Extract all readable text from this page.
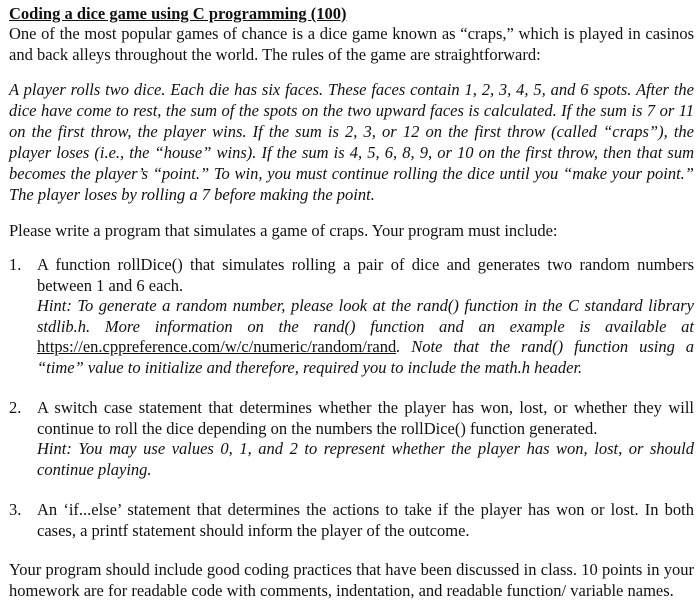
Coding a dice game using C programming (100)

One of the most popular games of chance is a dice game known as “craps,” which is played in casinos and back alleys throughout the world. The rules of the game are straightforward:

A player rolls two dice. Each die has six faces. These faces contain 1, 2, 3, 4, 5, and 6 spots. After the dice have come to rest, the sum of the spots on the two upward faces is calculated. If the sum is 7 or 11 on the first throw, the player wins. If the sum is 2, 3, or 12 on the first throw (called “craps”), the player loses (i.e., the “house” wins). If the sum is 4, 5, 6, 8, 9, or 10 on the first throw, then that sum becomes the player’s “point.” To win, you must continue rolling the dice until you “make your point.” The player loses by rolling a 7 before making the point.

Please write a program that simulates a game of craps. Your program must include:

1. A function rollDice() that simulates rolling a pair of dice and generates two random numbers between 1 and 6 each.
Hint: To generate a random number, please look at the rand() function in the C standard library stdlib.h. More information on the rand() function and an example is available at https://en.cppreference.com/w/c/numeric/random/rand. Note that the rand() function using a “time” value to initialize and therefore, required you to include the math.h header.
2. A switch case statement that determines whether the player has won, lost, or whether they will continue to roll the dice depending on the numbers the rollDice() function generated.
Hint: You may use values 0, 1, and 2 to represent whether the player has won, lost, or should continue playing.
3. An ‘if...else’ statement that determines the actions to take if the player has won or lost. In both cases, a printf statement should inform the player of the outcome.

Your program should include good coding practices that have been discussed in class. 10 points in your homework are for readable code with comments, indentation, and readable function/ variable names.
